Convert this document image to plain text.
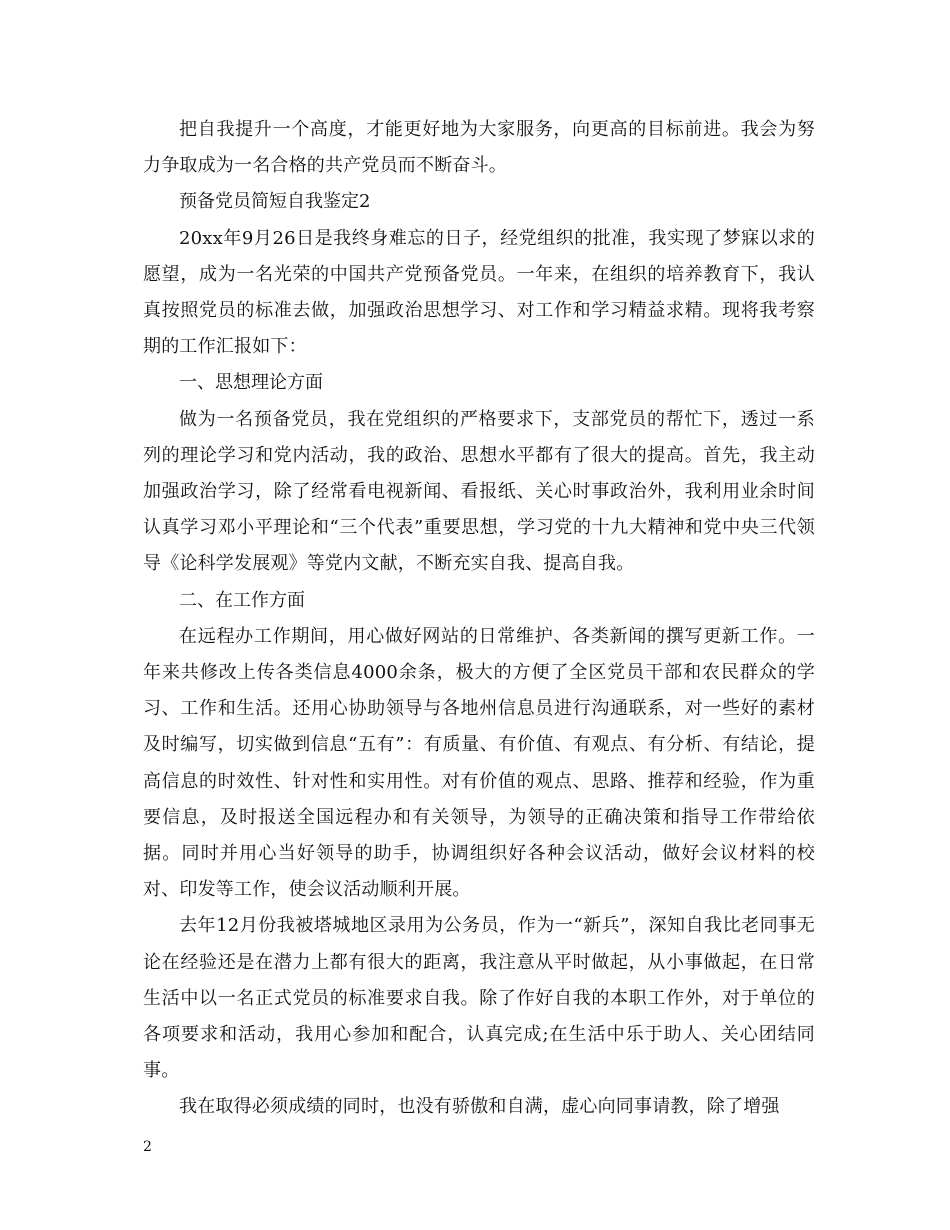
把自我提升一个高度，才能更好地为大家服务，向更高的目标前进。我会为努力争取成为一名合格的共产党员而不断奋斗。

预备党员简短自我鉴定2

20xx年9月26日是我终身难忘的日子，经党组织的批准，我实现了梦寐以求的愿望，成为一名光荣的中国共产党预备党员。一年来，在组织的培养教育下，我认真按照党员的标准去做，加强政治思想学习、对工作和学习精益求精。现将我考察期的工作汇报如下：

一、思想理论方面

做为一名预备党员，我在党组织的严格要求下，支部党员的帮忙下，透过一系列的理论学习和党内活动，我的政治、思想水平都有了很大的提高。首先，我主动加强政治学习，除了经常看电视新闻、看报纸、关心时事政治外，我利用业余时间认真学习邓小平理论和“三个代表”重要思想，学习党的十九大精神和党中央三代领导《论科学发展观》等党内文献，不断充实自我、提高自我。

二、在工作方面

在远程办工作期间，用心做好网站的日常维护、各类新闻的撰写更新工作。一年来共修改上传各类信息4000余条，极大的方便了全区党员干部和农民群众的学习、工作和生活。还用心协助领导与各地州信息员进行沟通联系，对一些好的素材及时编写，切实做到信息“五有”：有质量、有价值、有观点、有分析、有结论，提高信息的时效性、针对性和实用性。对有价值的观点、思路、推荐和经验，作为重要信息，及时报送全国远程办和有关领导，为领导的正确决策和指导工作带给依据。同时并用心当好领导的助手，协调组织好各种会议活动，做好会议材料的校对、印发等工作，使会议活动顺利开展。

去年12月份我被塔城地区录用为公务员，作为一“新兵”，深知自我比老同事无论在经验还是在潜力上都有很大的距离，我注意从平时做起，从小事做起，在日常生活中以一名正式党员的标准要求自我。除了作好自我的本职工作外，对于单位的各项要求和活动，我用心参加和配合，认真完成;在生活中乐于助人、关心团结同事。

我在取得必须成绩的同时，也没有骄傲和自满，虚心向同事请教，除了增强

2
